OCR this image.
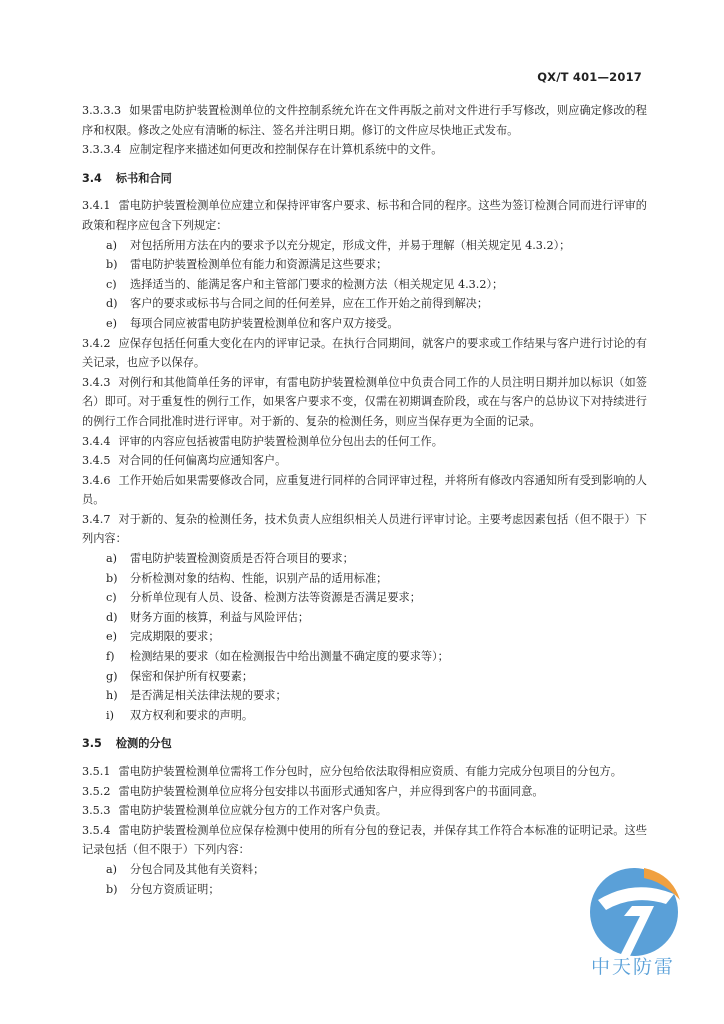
QX/T 401—2017
3.3.3.3 如果雷电防护装置检测单位的文件控制系统允许在文件再版之前对文件进行手写修改，则应确定修改的程序和权限。修改之处应有清晰的标注、签名并注明日期。修订的文件应尽快地正式发布。
3.3.3.4 应制定程序来描述如何更改和控制保存在计算机系统中的文件。
3.4 标书和合同
3.4.1 雷电防护装置检测单位应建立和保持评审客户要求、标书和合同的程序。这些为签订检测合同而进行评审的政策和程序应包含下列规定：
a) 对包括所用方法在内的要求予以充分规定，形成文件，并易于理解（相关规定见 4.3.2）；
b) 雷电防护装置检测单位有能力和资源满足这些要求；
c) 选择适当的、能满足客户和主管部门要求的检测方法（相关规定见 4.3.2）；
d) 客户的要求或标书与合同之间的任何差异，应在工作开始之前得到解决；
e) 每项合同应被雷电防护装置检测单位和客户双方接受。
3.4.2 应保存包括任何重大变化在内的评审记录。在执行合同期间，就客户的要求或工作结果与客户进行讨论的有关记录，也应予以保存。
3.4.3 对例行和其他简单任务的评审，有雷电防护装置检测单位中负责合同工作的人员注明日期并加以标识（如签名）即可。对于重复性的例行工作，如果客户要求不变，仅需在初期调查阶段，或在与客户的总协议下对持续进行的例行工作合同批准时进行评审。对于新的、复杂的检测任务，则应当保存更为全面的记录。
3.4.4 评审的内容应包括被雷电防护装置检测单位分包出去的任何工作。
3.4.5 对合同的任何偏离均应通知客户。
3.4.6 工作开始后如果需要修改合同，应重复进行同样的合同评审过程，并将所有修改内容通知所有受到影响的人员。
3.4.7 对于新的、复杂的检测任务，技术负责人应组织相关人员进行评审讨论。主要考虑因素包括（但不限于）下列内容：
a) 雷电防护装置检测资质是否符合项目的要求；
b) 分析检测对象的结构、性能，识别产品的适用标准；
c) 分析单位现有人员、设备、检测方法等资源是否满足要求；
d) 财务方面的核算，利益与风险评估；
e) 完成期限的要求；
f) 检测结果的要求（如在检测报告中给出测量不确定度的要求等）；
g) 保密和保护所有权要素；
h) 是否满足相关法律法规的要求；
i) 双方权利和要求的声明。
3.5 检测的分包
3.5.1 雷电防护装置检测单位需将工作分包时，应分包给依法取得相应资质、有能力完成分包项目的分包方。
3.5.2 雷电防护装置检测单位应将分包安排以书面形式通知客户，并应得到客户的书面同意。
3.5.3 雷电防护装置检测单位应就分包方的工作对客户负责。
3.5.4 雷电防护装置检测单位应保存检测中使用的所有分包的登记表，并保存其工作符合本标准的证明记录。这些记录包括（但不限于）下列内容：
a) 分包合同及其他有关资料；
b) 分包方资质证明；
中天防雷
5
